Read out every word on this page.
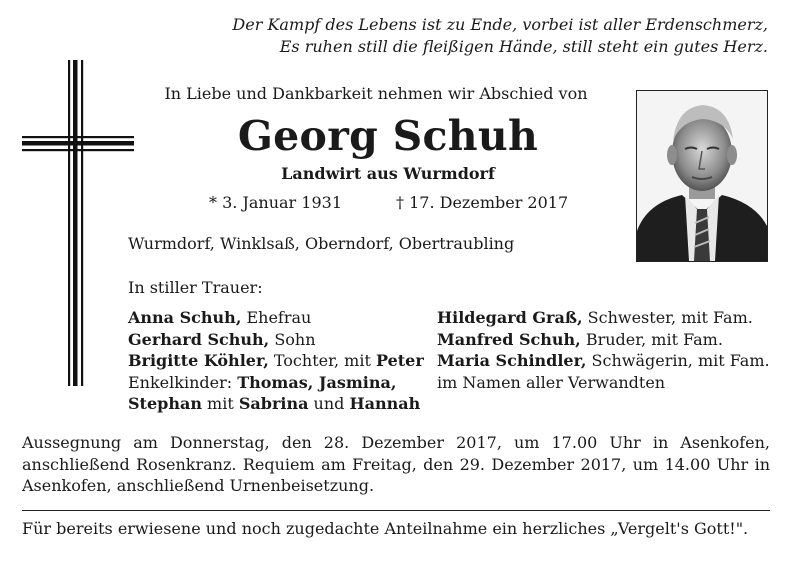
Der Kampf des Lebens ist zu Ende, vorbei ist aller Erdenschmerz,
Es ruhen still die fleißigen Hände, still steht ein gutes Herz.
In Liebe und Dankbarkeit nehmen wir Abschied von
Georg Schuh
Landwirt aus Wurmdorf
* 3. Januar 1931	† 17. Dezember 2017
Wurmdorf, Winklsaß, Oberndorf, Obertraubling
In stiller Trauer:
Anna Schuh, Ehefrau
Gerhard Schuh, Sohn
Brigitte Köhler, Tochter, mit Peter
Enkelkinder: Thomas, Jasmina,
Stephan mit Sabrina und Hannah
Hildegard Graß, Schwester, mit Fam.
Manfred Schuh, Bruder, mit Fam.
Maria Schindler, Schwägerin, mit Fam.
im Namen aller Verwandten
Aussegnung am Donnerstag, den 28. Dezember 2017, um 17.00 Uhr in Asenkofen, anschließend Rosenkranz. Requiem am Freitag, den 29. Dezember 2017, um 14.00 Uhr in Asenkofen, anschließend Urnenbeisetzung.
Für bereits erwiesene und noch zugedachte Anteilnahme ein herzliches „Vergelt's Gott!".
